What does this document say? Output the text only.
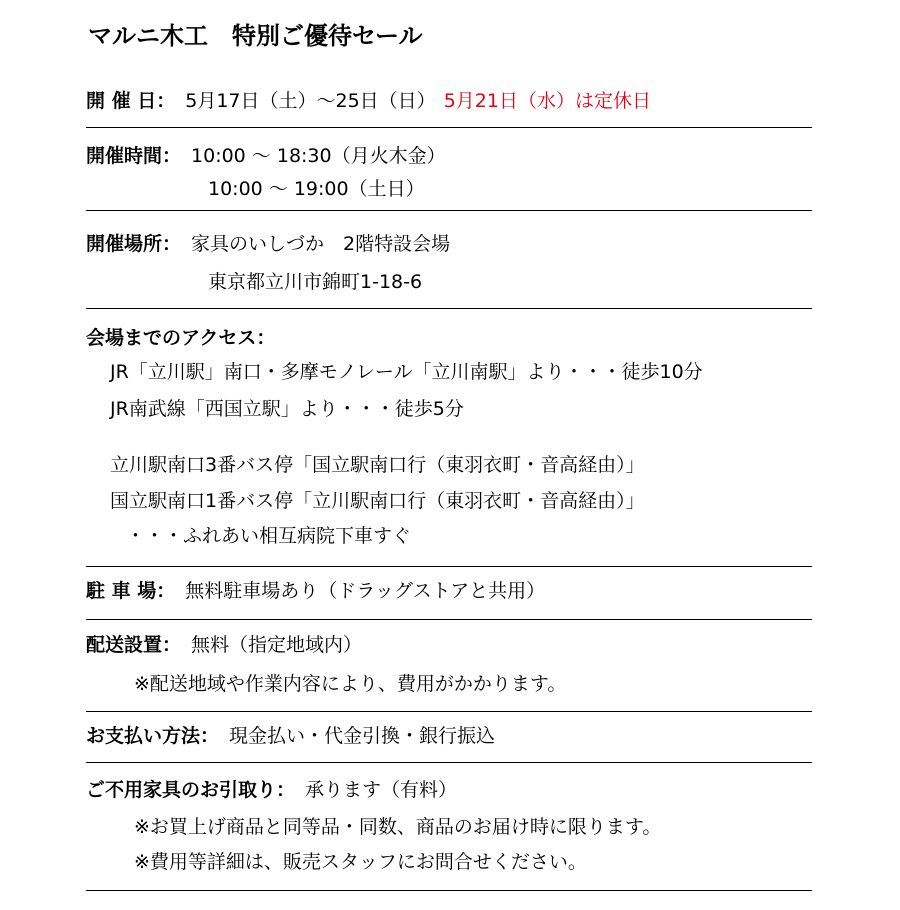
マルニ木工　特別ご優待セール
開 催 日： 5月17日（土）～25日（日） 5月21日（水）は定休日
開催時間： 10:00 ～ 18:30（月火木金）
10:00 ～ 19:00（土日）
開催場所： 家具のいしづか　2階特設会場
東京都立川市錦町1-18-6
会場までのアクセス：
JR「立川駅」南口・多摩モノレール「立川南駅」より・・・徒歩10分
JR南武線「西国立駅」より・・・徒歩5分
立川駅南口3番バス停「国立駅南口行（東羽衣町・音高経由）」
国立駅南口1番バス停「立川駅南口行（東羽衣町・音高経由）」
・・・ふれあい相互病院下車すぐ
駐 車 場： 無料駐車場あり（ドラッグストアと共用）
配送設置： 無料（指定地域内）
※配送地域や作業内容により、費用がかかります。
お支払い方法： 現金払い・代金引換・銀行振込
ご不用家具のお引取り： 承ります（有料）
※お買上げ商品と同等品・同数、商品のお届け時に限ります。
※費用等詳細は、販売スタッフにお問合せください。
